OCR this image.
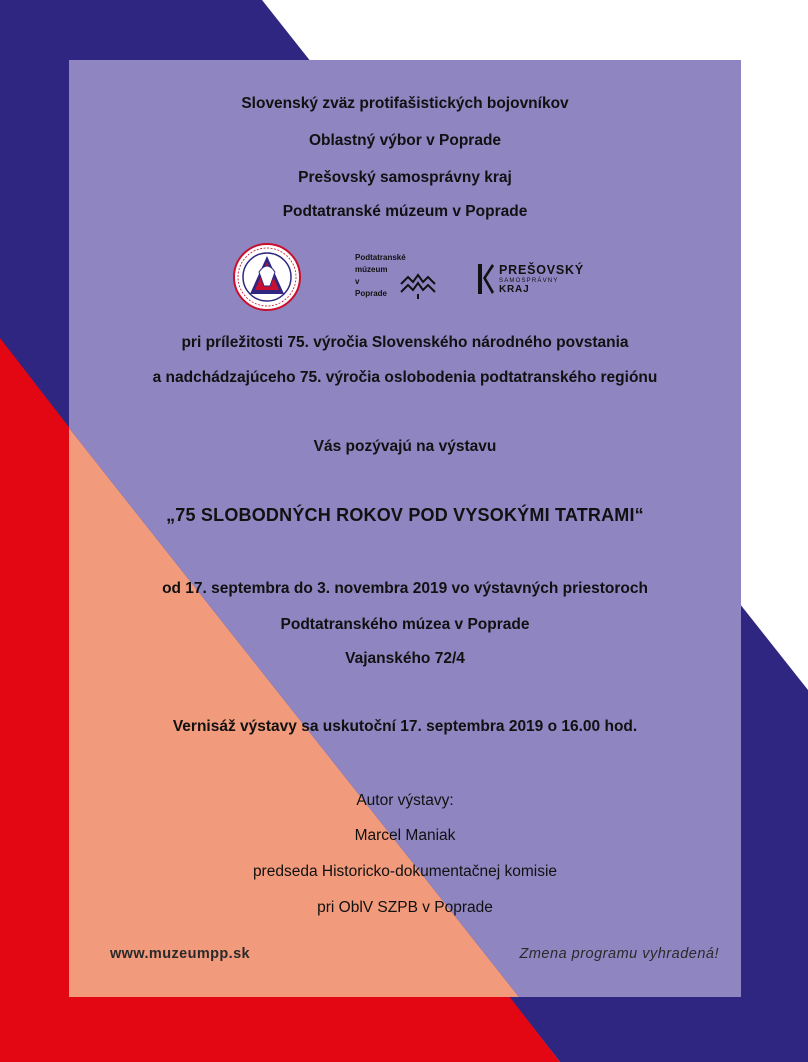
Slovenský zväz protifašistických bojovníkov
Oblastný výbor v Poprade
Prešovský samosprávny kraj
Podtatranské múzeum v Poprade
Podtatranské
múzeum
v
Poprade
PREŠOVSKÝ
SAMOSPRÁVNY
KRAJ
pri príležitosti 75. výročia Slovenského národného povstania
a nadchádzajúceho 75. výročia oslobodenia podtatranského regiónu
Vás pozývajú na výstavu
„75 SLOBODNÝCH ROKOV POD VYSOKÝMI TATRAMI“
od 17. septembra do 3. novembra 2019 vo výstavných priestoroch
Podtatranského múzea v Poprade
Vajanského 72/4
Vernisáž výstavy sa uskutoční 17. septembra 2019 o 16.00 hod.
Autor výstavy:
Marcel Maniak
predseda Historicko-dokumentačnej komisie
pri OblV SZPB v Poprade
www.muzeumpp.sk	Zmena programu vyhradená!
